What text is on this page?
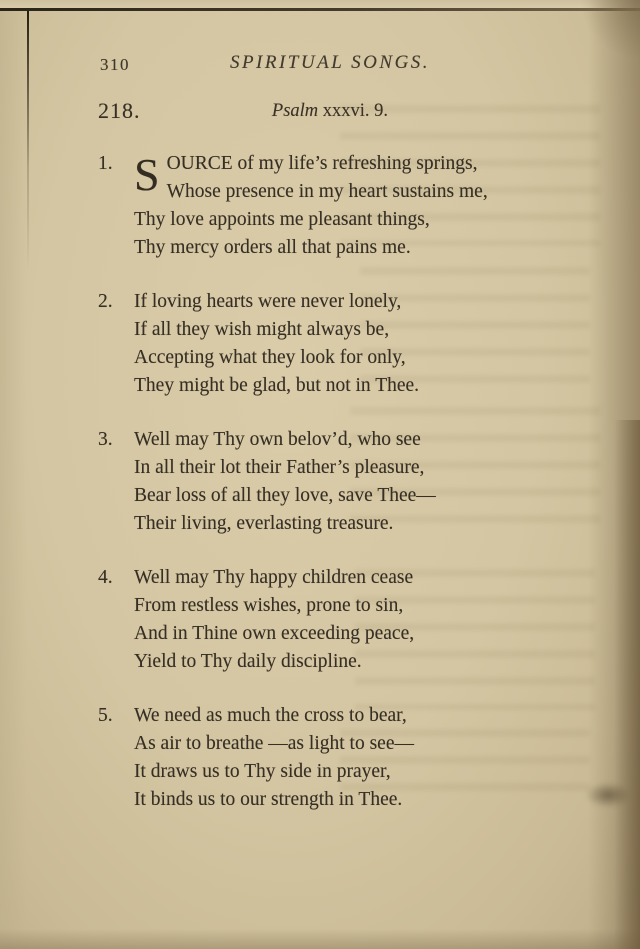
310	SPIRITUAL SONGS.
218.	Psalm xxxvi. 9.
1. S OURCE of my life’s refreshing springs,
Whose presence in my heart sustains me,
Thy love appoints me pleasant things,
Thy mercy orders all that pains me.
2. If loving hearts were never lonely,
If all they wish might always be,
Accepting what they look for only,
They might be glad, but not in Thee.
3. Well may Thy own belov’d, who see
In all their lot their Father’s pleasure,
Bear loss of all they love, save Thee—
Their living, everlasting treasure.
4. Well may Thy happy children cease
From restless wishes, prone to sin,
And in Thine own exceeding peace,
Yield to Thy daily discipline.
5. We need as much the cross to bear,
As air to breathe —as light to see—
It draws us to Thy side in prayer,
It binds us to our strength in Thee.
